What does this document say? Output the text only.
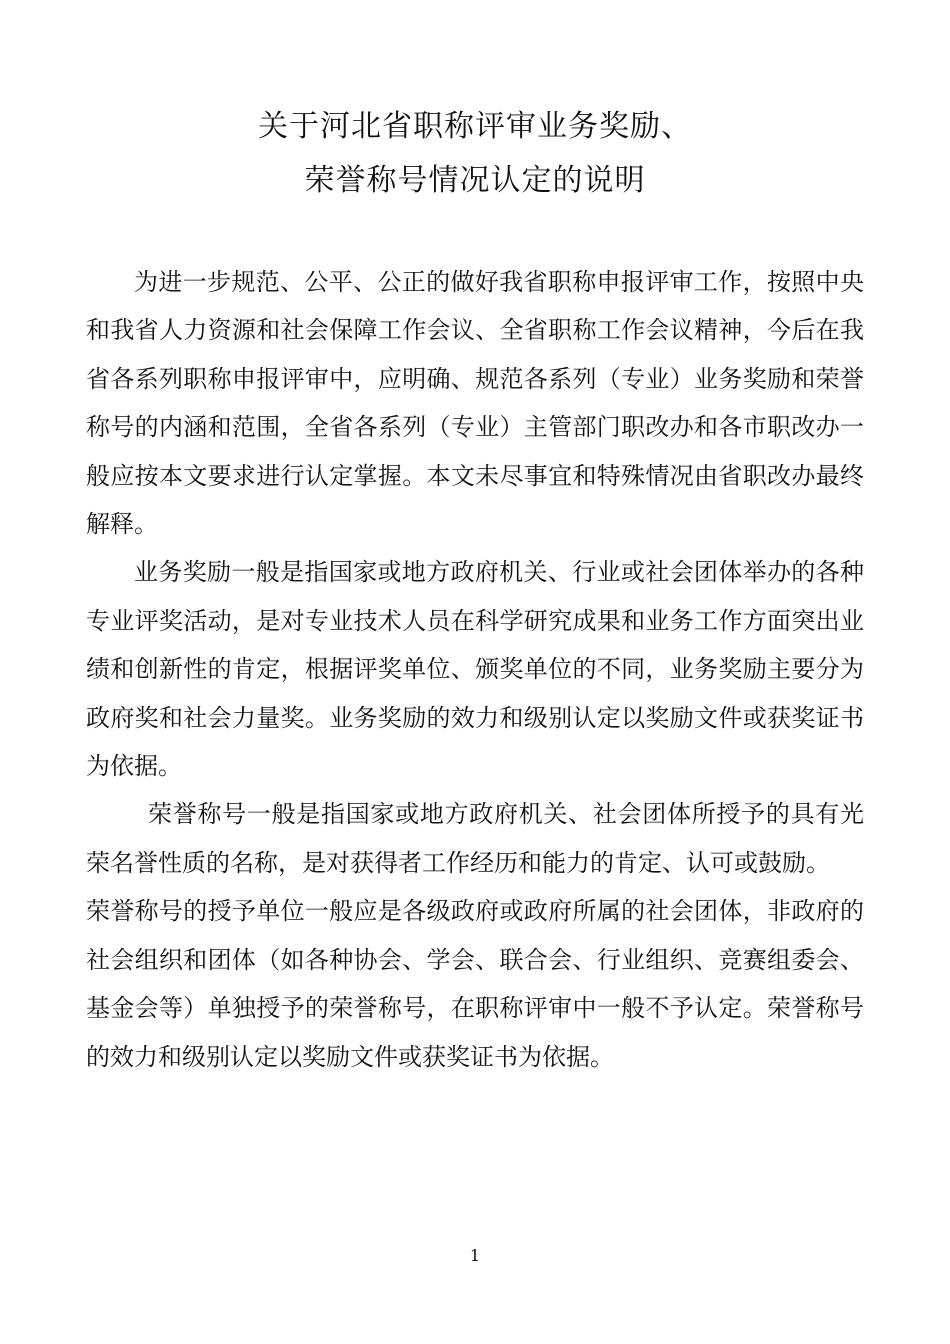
关于河北省职称评审业务奖励、
荣誉称号情况认定的说明

为进一步规范、公平、公正的做好我省职称申报评审工作，按照中央和我省人力资源和社会保障工作会议、全省职称工作会议精神，今后在我省各系列职称申报评审中，应明确、规范各系列（专业）业务奖励和荣誉称号的内涵和范围，全省各系列（专业）主管部门职改办和各市职改办一般应按本文要求进行认定掌握。本文未尽事宜和特殊情况由省职改办最终解释。

业务奖励一般是指国家或地方政府机关、行业或社会团体举办的各种专业评奖活动，是对专业技术人员在科学研究成果和业务工作方面突出业绩和创新性的肯定，根据评奖单位、颁奖单位的不同，业务奖励主要分为政府奖和社会力量奖。业务奖励的效力和级别认定以奖励文件或获奖证书为依据。

荣誉称号一般是指国家或地方政府机关、社会团体所授予的具有光荣名誉性质的名称，是对获得者工作经历和能力的肯定、认可或鼓励。

荣誉称号的授予单位一般应是各级政府或政府所属的社会团体，非政府的社会组织和团体（如各种协会、学会、联合会、行业组织、竞赛组委会、基金会等）单独授予的荣誉称号，在职称评审中一般不予认定。荣誉称号的效力和级别认定以奖励文件或获奖证书为依据。

1
